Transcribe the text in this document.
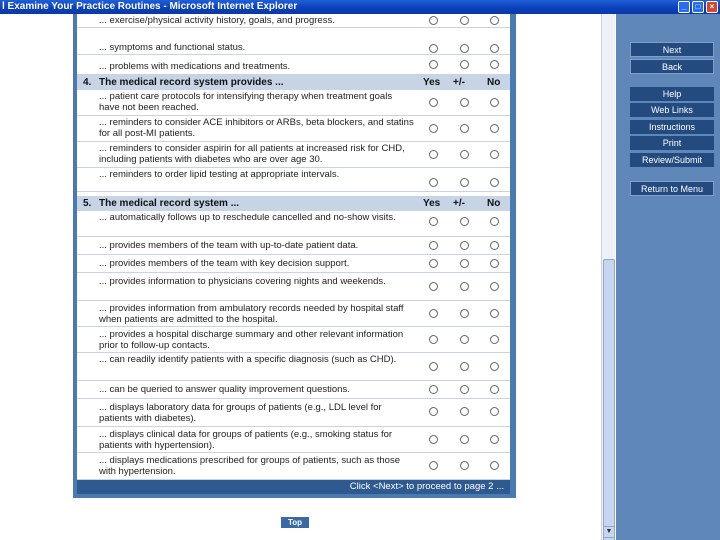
l Examine Your Practice Routines - Microsoft Internet Explorer	_	□	×
... exercise/physical activity history, goals, and progress.
... symptoms and functional status.
... problems with medications and treatments.
4. The medical record system provides ...	Yes +/- No
... patient care protocols for intensifying therapy when treatment goals have not been reached.
... reminders to consider ACE inhibitors or ARBs, beta blockers, and statins for all post-MI patients.
... reminders to consider aspirin for all patients at increased risk for CHD, including patients with diabetes who are over age 30.
... reminders to order lipid testing at appropriate intervals.
5. The medical record system ...	Yes +/- No
... automatically follows up to reschedule cancelled and no-show visits.
... provides members of the team with up-to-date patient data.
... provides members of the team with key decision support.
... provides information to physicians covering nights and weekends.
... provides information from ambulatory records needed by hospital staff when patients are admitted to the hospital.
... provides a hospital discharge summary and other relevant information prior to follow-up contacts.
... can readily identify patients with a specific diagnosis (such as CHD).
... can be queried to answer quality improvement questions.
... displays laboratory data for groups of patients (e.g., LDL level for patients with diabetes).
... displays clinical data for groups of patients (e.g., smoking status for patients with hypertension).
... displays medications prescribed for groups of patients, such as those with hypertension.
Click <Next> to proceed to page 2 ...
Top
▼
Next
Back
Help
Web Links
Instructions
Print
Review/Submit
Return to Menu
